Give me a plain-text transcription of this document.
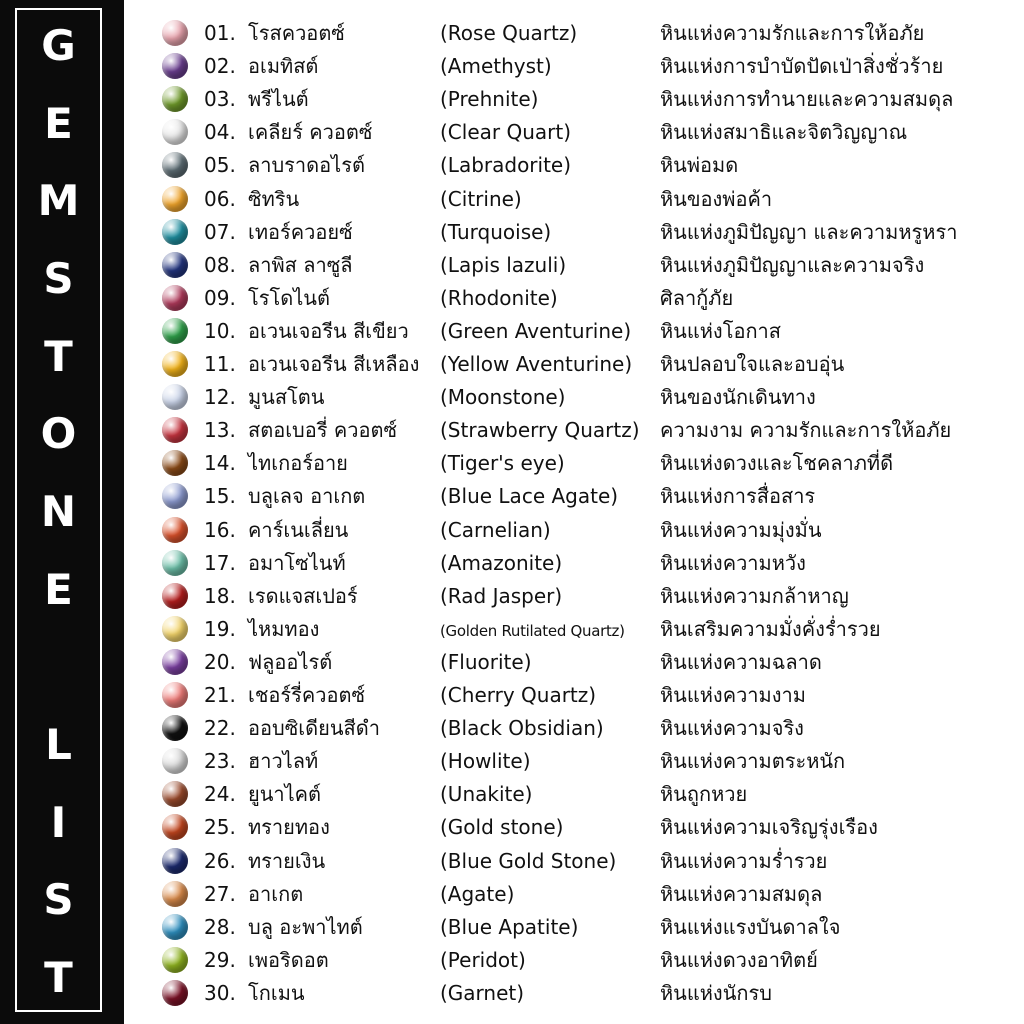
G
E
M
S
T
O
N
E
L
I
S
T
01. โรสควอตซ์	(Rose Quartz)	หินแห่งความรักและการให้อภัย
02. อเมทิสต์	(Amethyst)	หินแห่งการบำบัดปัดเป่าสิ่งชั่วร้าย
03. พรีไนต์	(Prehnite)	หินแห่งการทำนายและความสมดุล
04. เคลียร์ ควอตซ์	(Clear Quart)	หินแห่งสมาธิและจิตวิญญาณ
05. ลาบราดอไรต์	(Labradorite)	หินพ่อมด
06. ซิทริน	(Citrine)	หินของพ่อค้า
07. เทอร์ควอยซ์	(Turquoise)	หินแห่งภูมิปัญญา และความหรูหรา
08. ลาพิส ลาซูลี	(Lapis lazuli)	หินแห่งภูมิปัญญาและความจริง
09. โรโดไนต์	(Rhodonite)	ศิลากู้ภัย
10. อเวนเจอรีน สีเขียว (Green Aventurine) หินแห่งโอกาส
11. อเวนเจอรีน สีเหลือง (Yellow Aventurine) หินปลอบใจและอบอุ่น
12. มูนสโตน	(Moonstone)	หินของนักเดินทาง
13. สตอเบอรี่ ควอตซ์ (Strawberry Quartz) ความงาม ความรักและการให้อภัย
14. ไทเกอร์อาย	(Tiger's eye)	หินแห่งดวงและโชคลาภที่ดี
15. บลูเลจ อาเกต	(Blue Lace Agate) หินแห่งการสื่อสาร
16. คาร์เนเลี่ยน	(Carnelian)	หินแห่งความมุ่งมั่น
17. อมาโซไนท์	(Amazonite)	หินแห่งความหวัง
18. เรดแจสเปอร์	(Rad Jasper)	หินแห่งความกล้าหาญ
19. ไหมทอง	(Golden Rutilated Quartz) หินเสริมความมั่งคั่งร่ำรวย
20. ฟลูออไรต์	(Fluorite)	หินแห่งความฉลาด
21. เชอร์รี่ควอตซ์	(Cherry Quartz)	หินแห่งความงาม
22. ออบซิเดียนสีดำ	(Black Obsidian)	หินแห่งความจริง
23. ฮาวไลท์	(Howlite)	หินแห่งความตระหนัก
24. ยูนาไคต์	(Unakite)	หินถูกหวย
25. ทรายทอง	(Gold stone)	หินแห่งความเจริญรุ่งเรือง
26. ทรายเงิน	(Blue Gold Stone) หินแห่งความร่ำรวย
27. อาเกต	(Agate)	หินแห่งความสมดุล
28. บลู อะพาไทต์	(Blue Apatite)	หินแห่งแรงบันดาลใจ
29. เพอริดอต	(Peridot)	หินแห่งดวงอาทิตย์
30. โกเมน	(Garnet)	หินแห่งนักรบ
